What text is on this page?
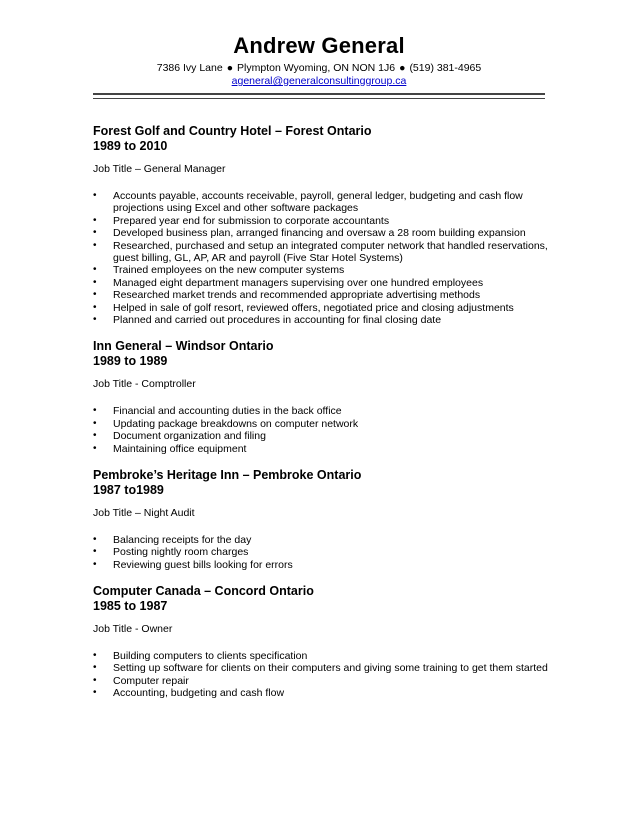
Andrew General
7386 Ivy Lane ● Plympton Wyoming, ON NON 1J6 ● (519) 381-4965
ageneral@generalconsultinggroup.ca
Forest Golf and Country Hotel – Forest Ontario
1989 to 2010
Job Title – General Manager
• Accounts payable, accounts receivable, payroll, general ledger, budgeting and cash flow projections using Excel and other software packages
• Prepared year end for submission to corporate accountants
• Developed business plan, arranged financing and oversaw a 28 room building expansion
• Researched, purchased and setup an integrated computer network that handled reservations, guest billing, GL, AP, AR and payroll (Five Star Hotel Systems)
• Trained employees on the new computer systems
• Managed eight department managers supervising over one hundred employees
• Researched market trends and recommended appropriate advertising methods
• Helped in sale of golf resort, reviewed offers, negotiated price and closing adjustments
• Planned and carried out procedures in accounting for final closing date
Inn General – Windsor Ontario
1989 to 1989
Job Title - Comptroller
• Financial and accounting duties in the back office
• Updating package breakdowns on computer network
• Document organization and filing
• Maintaining office equipment
Pembroke’s Heritage Inn – Pembroke Ontario
1987 to1989
Job Title – Night Audit
• Balancing receipts for the day
• Posting nightly room charges
• Reviewing guest bills looking for errors
Computer Canada – Concord Ontario
1985 to 1987
Job Title - Owner
• Building computers to clients specification
• Setting up software for clients on their computers and giving some training to get them started
• Computer repair
• Accounting, budgeting and cash flow
